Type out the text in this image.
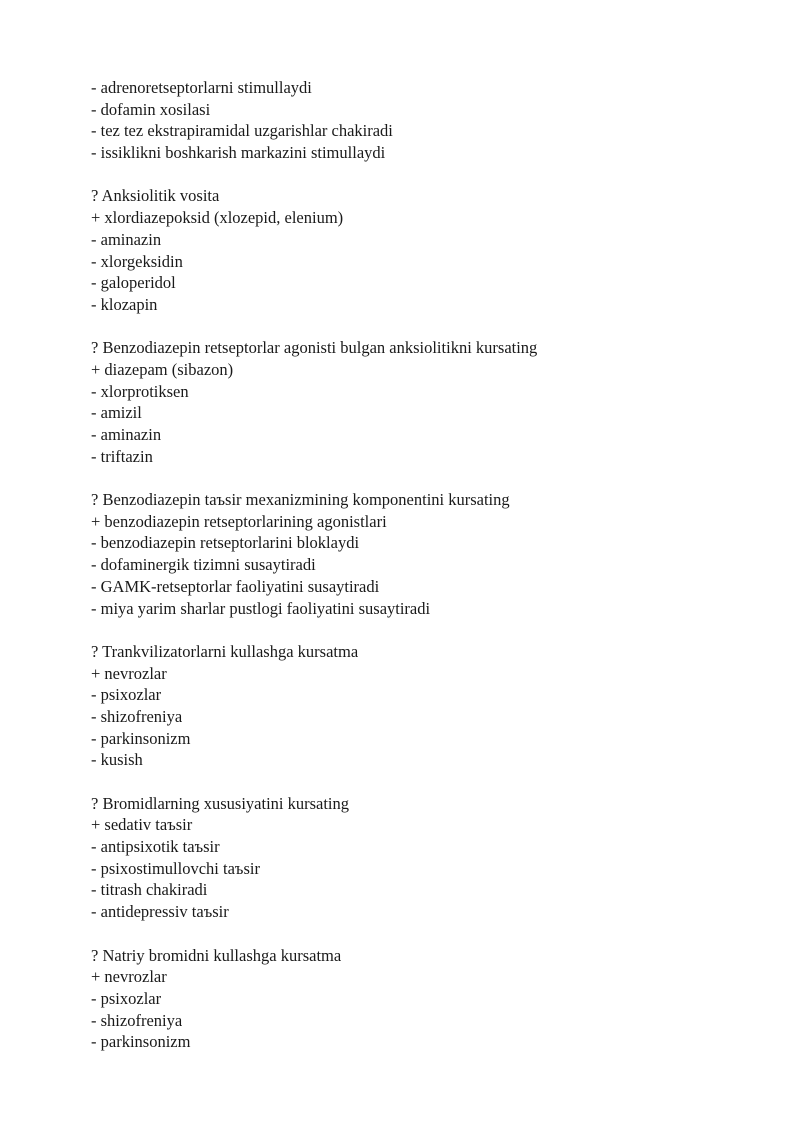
- adrenoretseptorlarni stimullaydi
- dofamin xosilasi
- tez tez ekstrapiramidal uzgarishlar chakiradi
- issiklikni boshkarish markazini stimullaydi
? Anksiolitik vosita
+ xlordiazepoksid (xlozepid, elenium)
- aminazin
- xlorgeksidin
- galoperidol
- klozapin
? Benzodiazepin retseptorlar agonisti bulgan anksiolitikni kursating
+ diazepam (sibazon)
- xlorprotiksen
- amizil
- aminazin
- triftazin
? Benzodiazepin taъsir mexanizmining komponentini kursating
+ benzodiazepin retseptorlarining agonistlari
- benzodiazepin retseptorlarini bloklaydi
- dofaminergik tizimni susaytiradi
- GAMK-retseptorlar faoliyatini susaytiradi
- miya yarim sharlar pustlogi faoliyatini susaytiradi
? Trankvilizatorlarni kullashga kursatma
+ nevrozlar
- psixozlar
- shizofreniya
- parkinsonizm
- kusish
? Bromidlarning xususiyatini kursating
+ sedativ taъsir
- antipsixotik taъsir
- psixostimullovchi taъsir
- titrash chakiradi
- antidepressiv taъsir
? Natriy bromidni kullashga kursatma
+ nevrozlar
- psixozlar
- shizofreniya
- parkinsonizm
